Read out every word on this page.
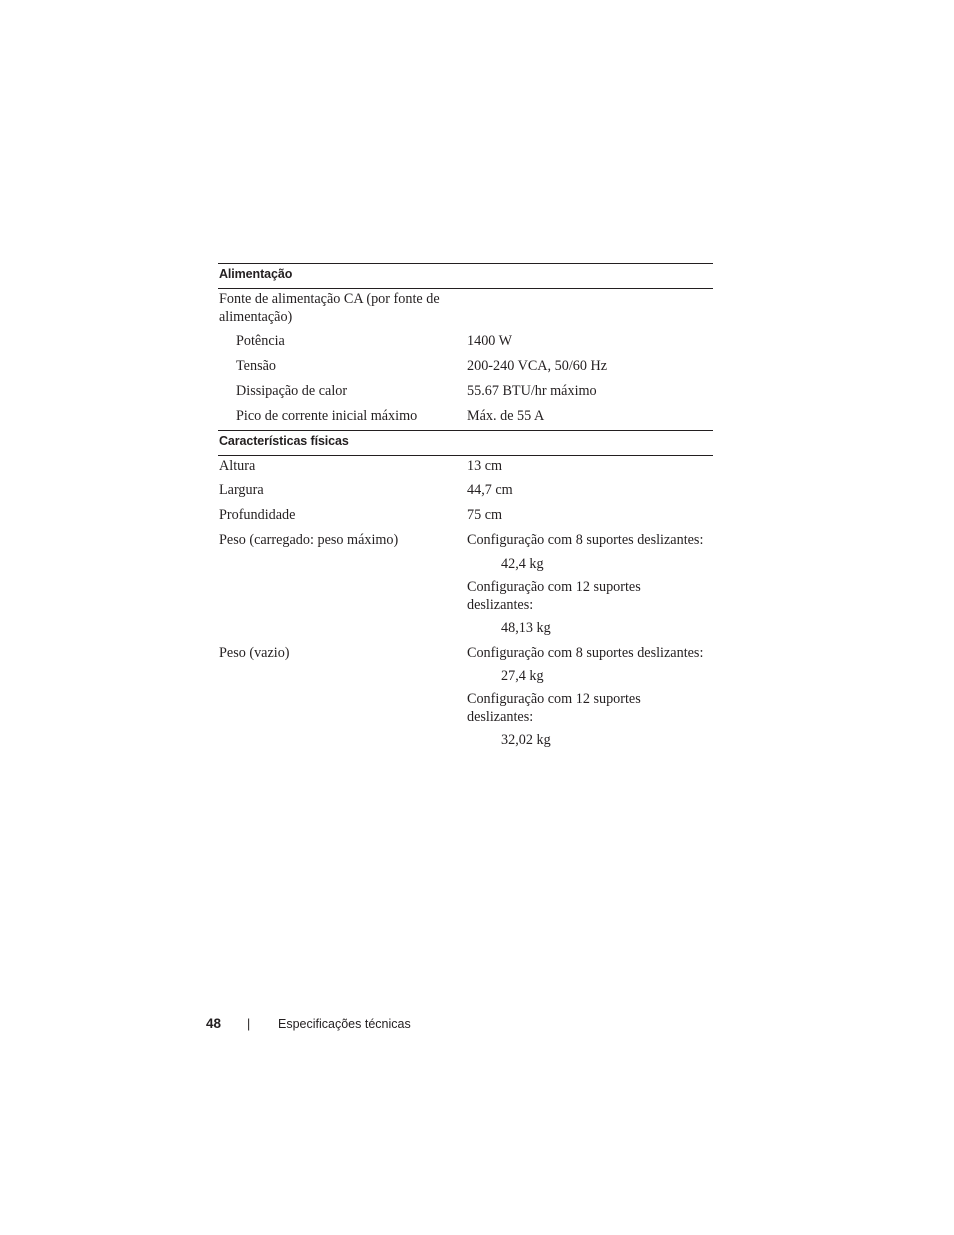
Alimentação
Fonte de alimentação CA (por fonte de alimentação)
Potência	1400 W
Tensão	200-240 VCA, 50/60 Hz
Dissipação de calor	55.67 BTU/hr máximo
Pico de corrente inicial máximo	Máx. de 55 A
Características físicas
Altura	13 cm
Largura	44,7 cm
Profundidade	75 cm
Peso (carregado: peso máximo)	Configuração com 8 suportes deslizantes:
42,4 kg
Configuração com 12 suportes deslizantes:
48,13 kg
Peso (vazio)	Configuração com 8 suportes deslizantes:
27,4 kg
Configuração com 12 suportes deslizantes:
32,02 kg
48 | Especificações técnicas
